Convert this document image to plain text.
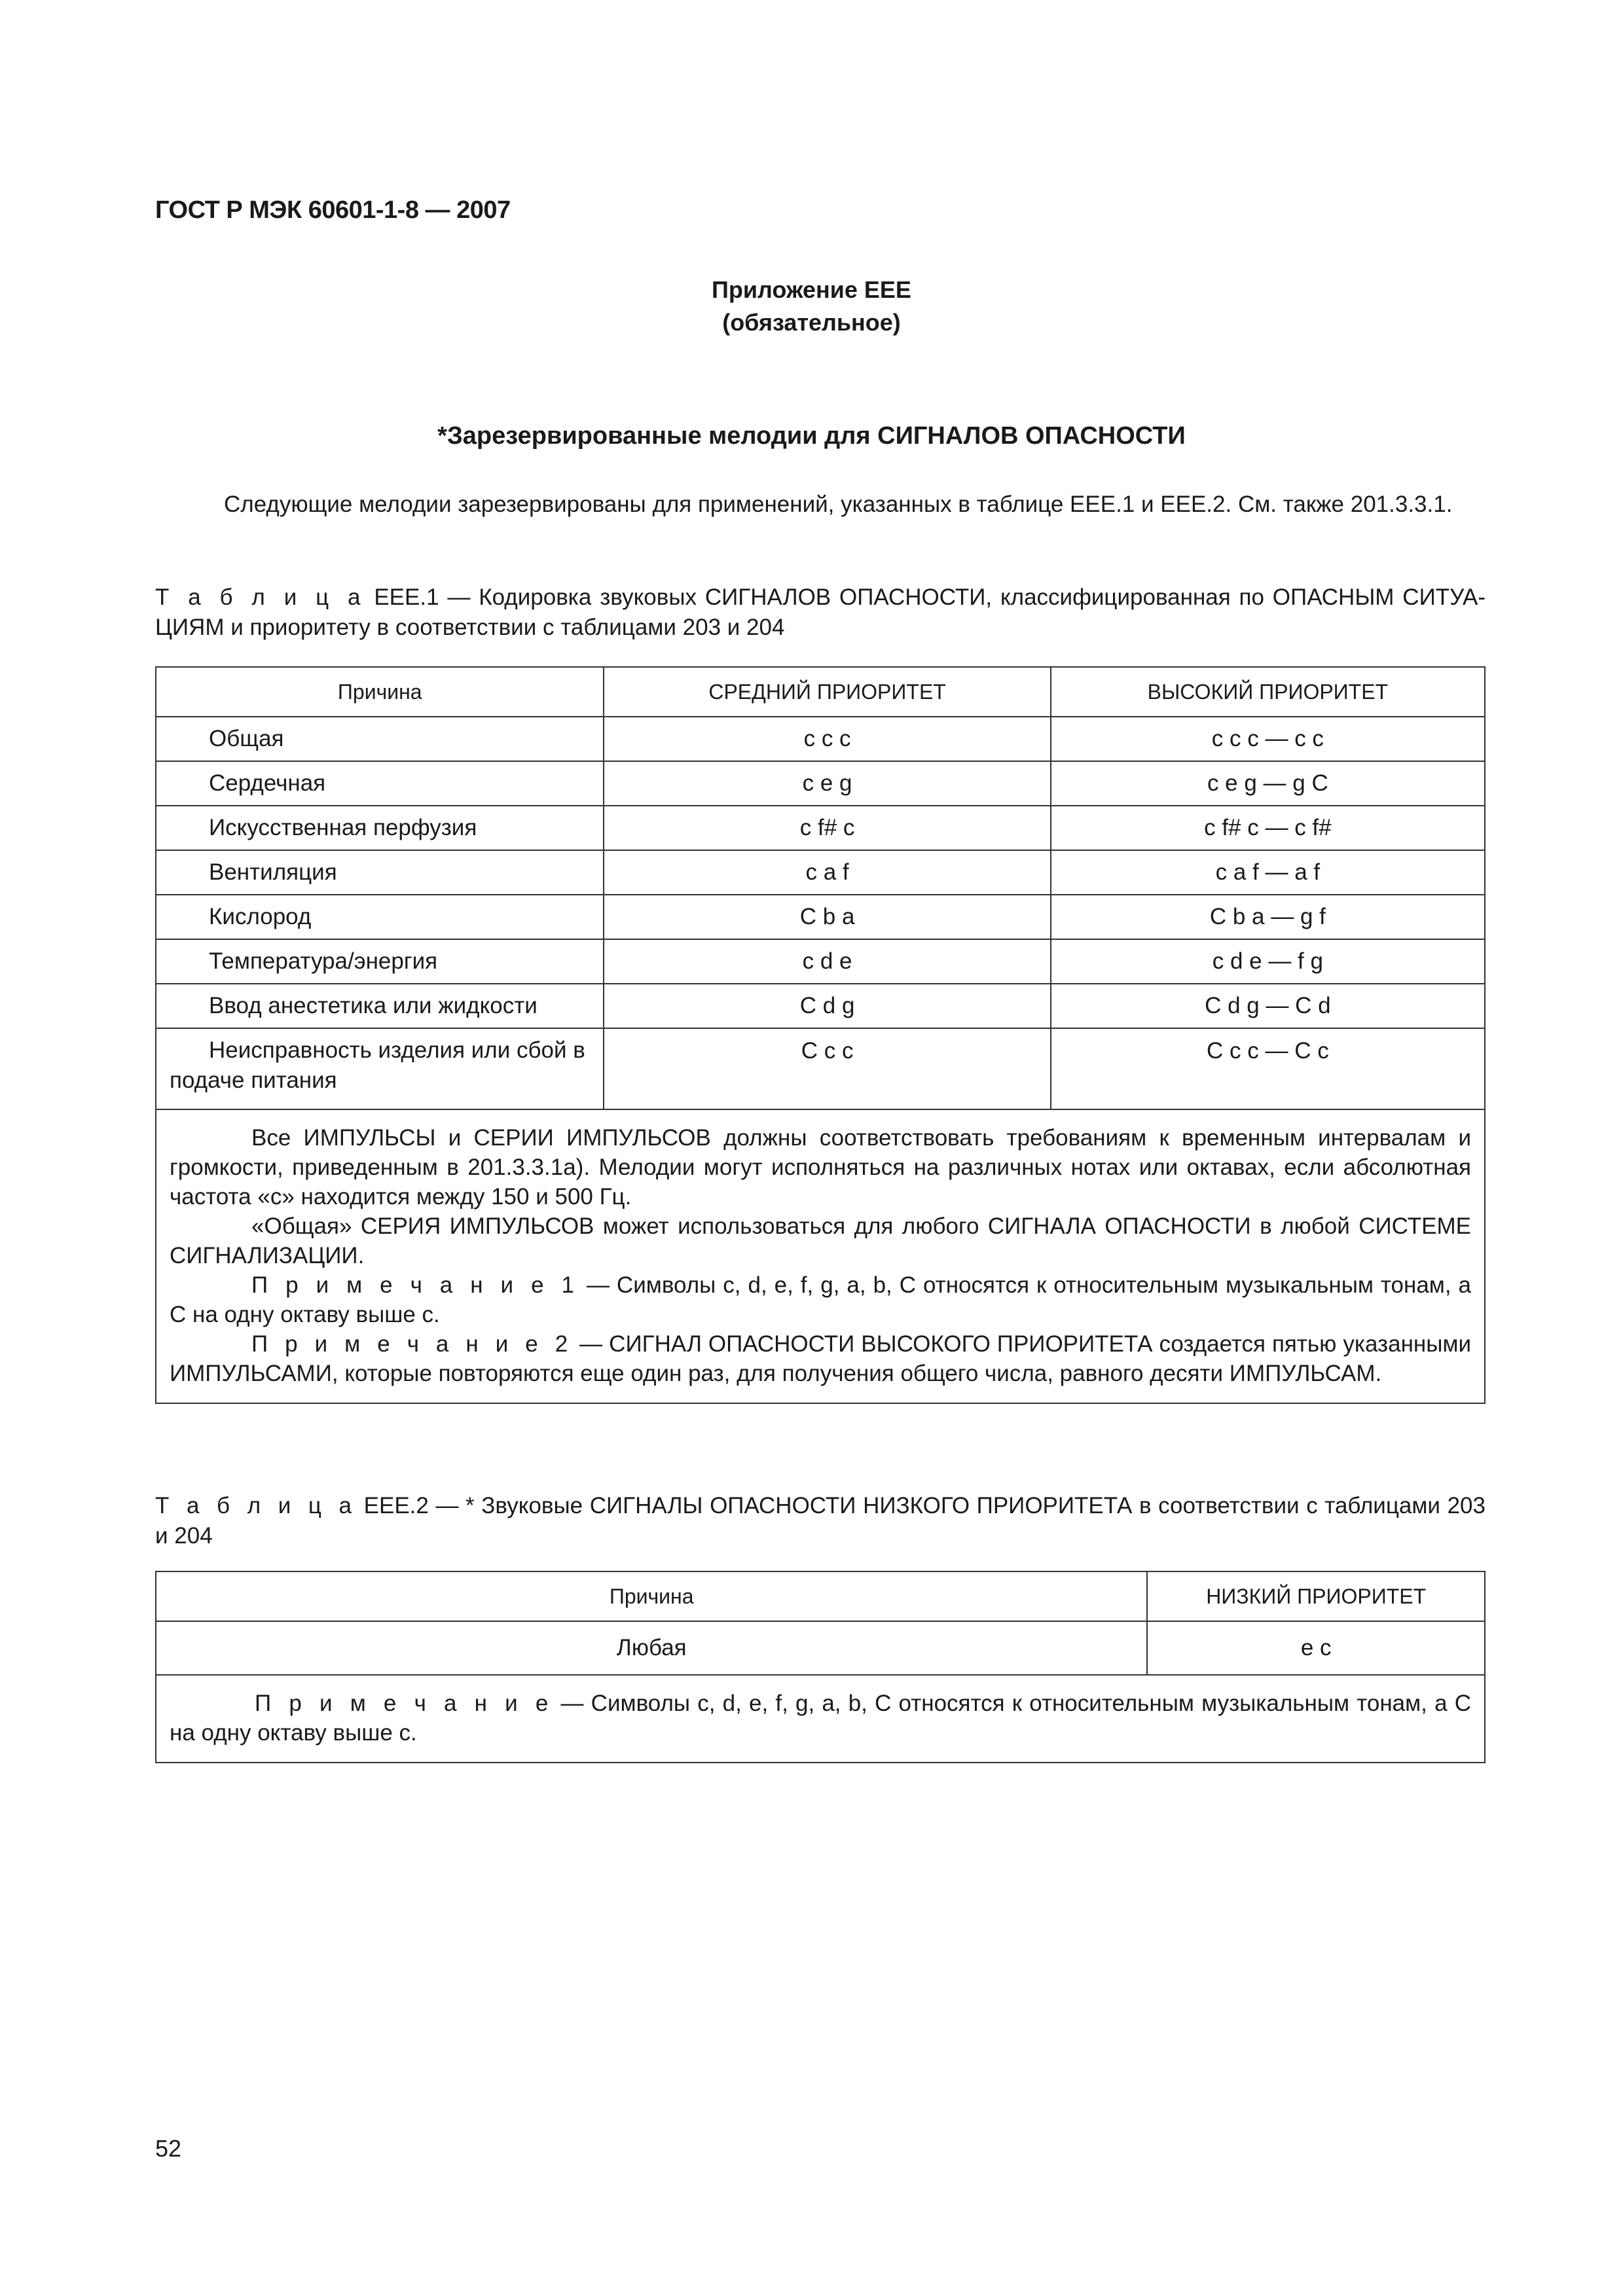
ГОСТ Р МЭК 60601-1-8 — 2007
Приложение ЕЕЕ
(обязательное)
*Зарезервированные мелодии для СИГНАЛОВ ОПАСНОСТИ
Следующие мелодии зарезервированы для применений, указанных в таблице ЕЕЕ.1 и ЕЕЕ.2. См. также 201.3.3.1.
Т а б л и ц а ЕЕЕ.1 — Кодировка звуковых СИГНАЛОВ ОПАСНОСТИ, классифицированная по ОПАСНЫМ СИТУА-ЦИЯМ и приоритету в соответствии с таблицами 203 и 204
Причина	СРЕДНИЙ ПРИОРИТЕТ	ВЫСОКИЙ ПРИОРИТЕТ
Общая	c c c	c c c — c c
Сердечная	c e g	c e g — g C
Искусственная перфузия	c f# c	c f# c — c f#
Вентиляция	c a f	c a f — a f
Кислород	C b a	C b a — g f
Температура/энергия	c d e	c d e — f g
Ввод анестетика или жидкости	C d g	C d g — C d

Неисправность изделия или сбой в подаче питания	C c c	C c c — C c

Все ИМПУЛЬСЫ и СЕРИИ ИМПУЛЬСОВ должны соответствовать требованиям к временным интервалам и громкости, приведенным в 201.3.3.1а). Мелодии могут исполняться на различных нотах или октавах, если абсолютная частота «с» находится между 150 и 500 Гц.
«Общая» СЕРИЯ ИМПУЛЬСОВ может использоваться для любого СИГНАЛА ОПАСНОСТИ в любой СИСТЕМЕ СИГНАЛИЗАЦИИ.
П р и м е ч а н и е 1 — Символы с, d, е, f, g, a, b, С относятся к относительным музыкальным тонам, а С на одну октаву выше с.
П р и м е ч а н и е 2 — СИГНАЛ ОПАСНОСТИ ВЫСОКОГО ПРИОРИТЕТА создается пятью указанными ИМПУЛЬСАМИ, которые повторяются еще один раз, для получения общего числа, равного десяти ИМПУЛЬСАМ.		
Т а б л и ц а ЕЕЕ.2 — * Звуковые СИГНАЛЫ ОПАСНОСТИ НИЗКОГО ПРИОРИТЕТА в соответствии с таблицами 203 и 204
Причина	НИЗКИЙ ПРИОРИТЕТ
Любая	e c

П р и м е ч а н и е — Символы с, d, e, f, g, a, b, С относятся к относительным музыкальным тонам, а С на одну октаву выше с.	
52
